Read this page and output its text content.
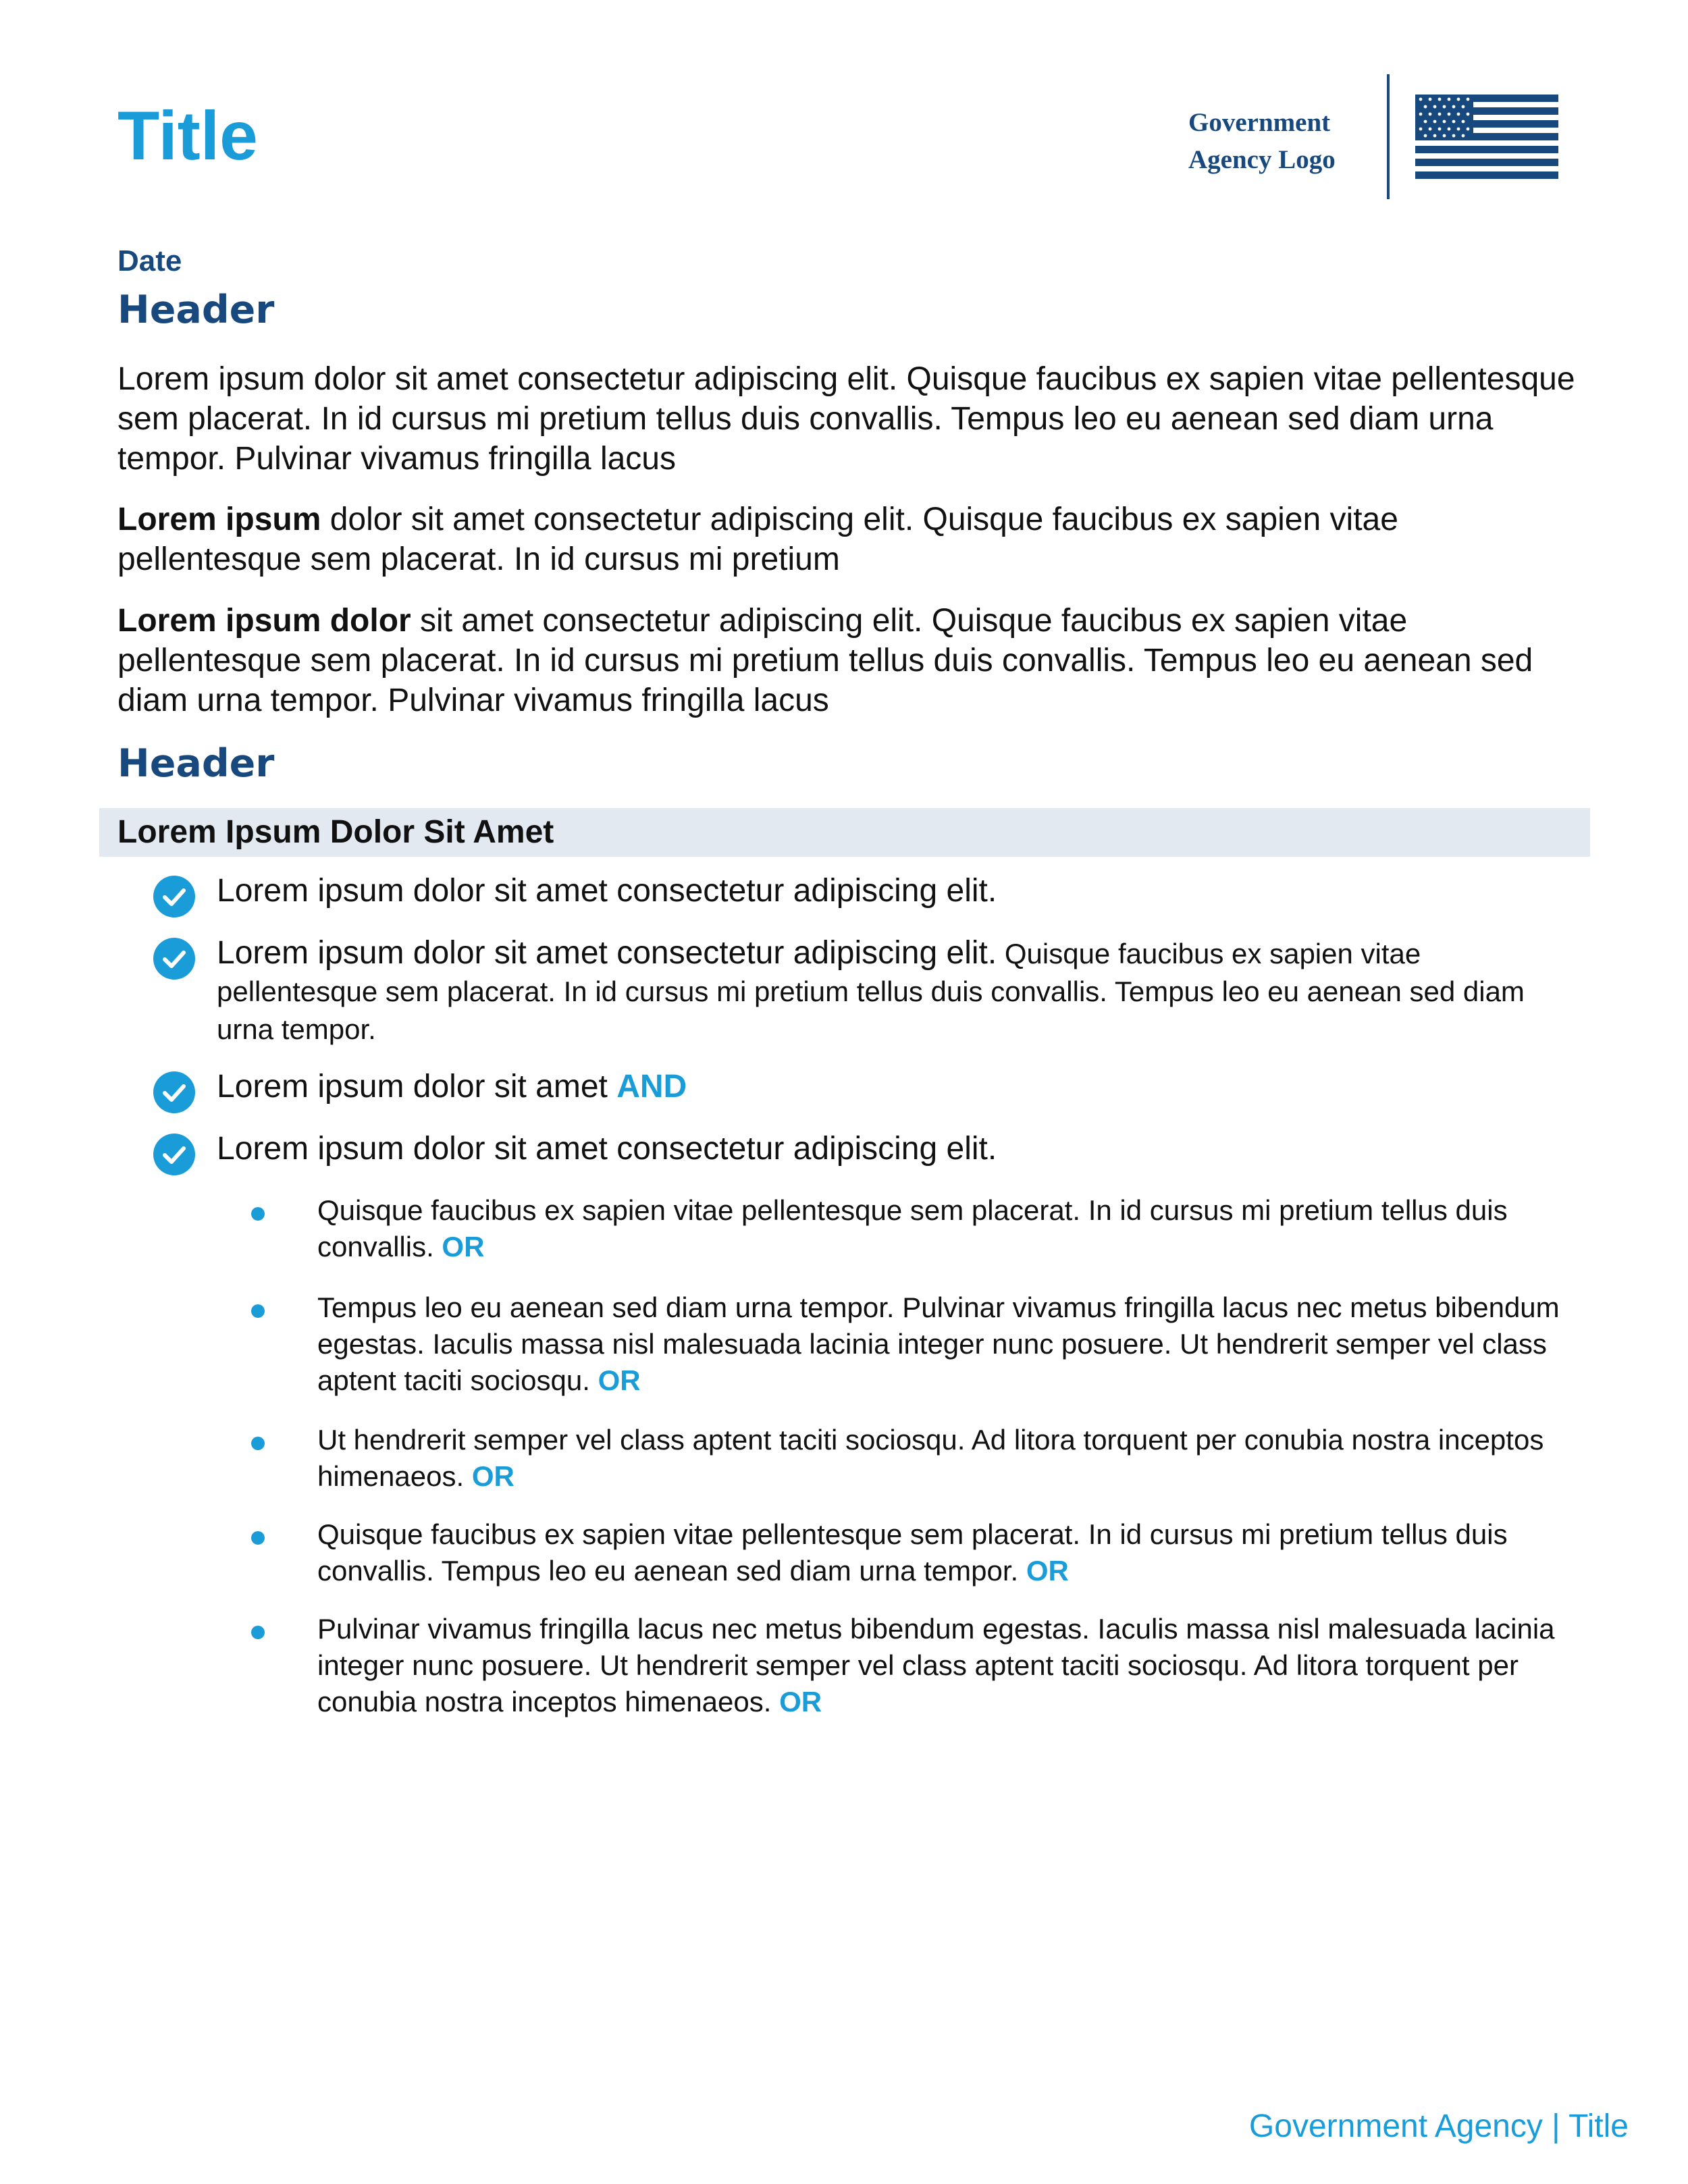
Title	Government
Agency Logo
Date
Header

Lorem ipsum dolor sit amet consectetur adipiscing elit. Quisque faucibus ex sapien vitae pellentesque sem placerat. In id cursus mi pretium tellus duis convallis. Tempus leo eu aenean sed diam urna tempor. Pulvinar vivamus fringilla lacus

Lorem ipsum dolor sit amet consectetur adipiscing elit. Quisque faucibus ex sapien vitae pellentesque sem placerat. In id cursus mi pretium

Lorem ipsum dolor sit amet consectetur adipiscing elit. Quisque faucibus ex sapien vitae pellentesque sem placerat. In id cursus mi pretium tellus duis convallis. Tempus leo eu aenean sed diam urna tempor. Pulvinar vivamus fringilla lacus

Header
Lorem Ipsum Dolor Sit Amet
Lorem ipsum dolor sit amet consectetur adipiscing elit.
Lorem ipsum dolor sit amet consectetur adipiscing elit. Quisque faucibus ex sapien vitae pellentesque sem placerat. In id cursus mi pretium tellus duis convallis. Tempus leo eu aenean sed diam urna tempor.
Lorem ipsum dolor sit amet AND
Lorem ipsum dolor sit amet consectetur adipiscing elit.
Quisque faucibus ex sapien vitae pellentesque sem placerat. In id cursus mi pretium tellus duis convallis. OR
Tempus leo eu aenean sed diam urna tempor. Pulvinar vivamus fringilla lacus nec metus bibendum egestas. Iaculis massa nisl malesuada lacinia integer nunc posuere. Ut hendrerit semper vel class aptent taciti sociosqu. OR
Ut hendrerit semper vel class aptent taciti sociosqu. Ad litora torquent per conubia nostra inceptos himenaeos. OR
Quisque faucibus ex sapien vitae pellentesque sem placerat. In id cursus mi pretium tellus duis convallis. Tempus leo eu aenean sed diam urna tempor. OR
Pulvinar vivamus fringilla lacus nec metus bibendum egestas. Iaculis massa nisl malesuada lacinia integer nunc posuere. Ut hendrerit semper vel class aptent taciti sociosqu. Ad litora torquent per conubia nostra inceptos himenaeos. OR
Government Agency | Title
